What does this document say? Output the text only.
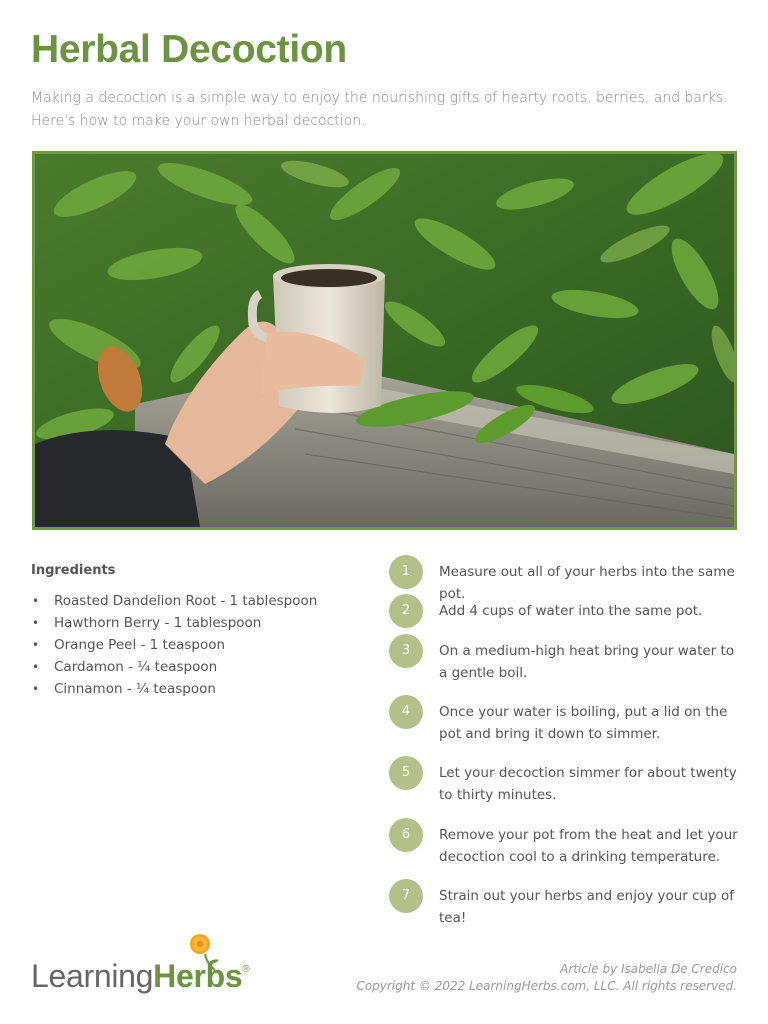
Herbal Decoction

Making a decoction is a simple way to enjoy the nourishing gifts of hearty roots, berries, and barks. Here's how to make your own herbal decoction.

Ingredients
• Roasted Dandelion Root - 1 tablespoon
• Hawthorn Berry - 1 tablespoon
• Orange Peel - 1 teaspoon
• Cardamon - ¼ teaspoon
• Cinnamon - ¼ teaspoon
1	Measure out all of your herbs into the same pot.
2	Add 4 cups of water into the same pot.
3	On a medium-high heat bring your water to a gentle boil.
4	Once your water is boiling, put a lid on the pot and bring it down to simmer.
5	Let your decoction simmer for about twenty to thirty minutes.
6	Remove your pot from the heat and let your decoction cool to a drinking temperature.
7	Strain out your herbs and enjoy your cup of tea!
LearningHerbs®	Article by Isabella De Credico
Copyright © 2022 LearningHerbs.com, LLC. All rights reserved.
